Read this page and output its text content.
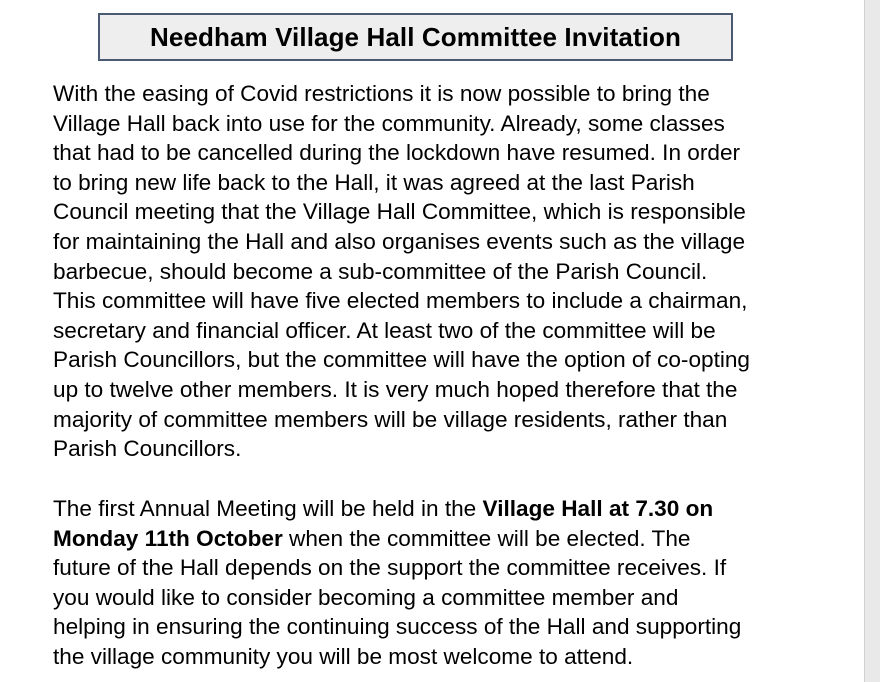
Needham Village Hall Committee Invitation

With the easing of Covid restrictions it is now possible to bring the
Village Hall back into use for the community. Already, some classes
that had to be cancelled during the lockdown have resumed. In order
to bring new life back to the Hall, it was agreed at the last Parish
Council meeting that the Village Hall Committee, which is responsible
for maintaining the Hall and also organises events such as the village
barbecue, should become a sub-committee of the Parish Council.
This committee will have five elected members to include a chairman,
secretary and financial officer. At least two of the committee will be
Parish Councillors, but the committee will have the option of co-opting
up to twelve other members. It is very much hoped therefore that the
majority of committee members will be village residents, rather than
Parish Councillors.

The first Annual Meeting will be held in the Village Hall at 7.30 on
Monday 11th October when the committee will be elected. The
future of the Hall depends on the support the committee receives. If
you would like to consider becoming a committee member and
helping in ensuring the continuing success of the Hall and supporting
the village community you will be most welcome to attend.
